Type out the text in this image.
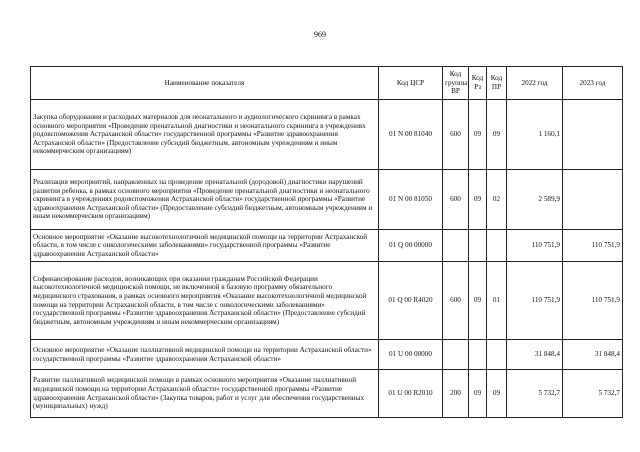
969
Наименование показателя	Код ЦСР	Код группы ВР	Код Рз	Код ПР	2022 год	2023 год
Закупка оборудования и расходных материалов для неонатального и аудиологического скрининга в рамках основного мероприятия «Проведение пренатальной диагностики и неонатального скрининга в учреждениях родовспоможения Астраханской области» государственной программы «Развитие здравоохранения Астраханской области» (Предоставление субсидий бюджетным, автономным учреждениям и иным некоммерческим организациям)	01 N 00 81040	600	09	09	1 160,1	
Реализация мероприятий, направленных на проведение пренатальной (дородовой) диагностики нарушений развития ребенка, в рамках основного мероприятия «Проведение пренатальной диагностики и неонатального скрининга в учреждениях родовспоможения Астраханской области» государственной программы «Развитие здравоохранения Астраханской области» (Предоставление субсидий бюджетным, автономным учреждениям и иным некоммерческим организациям)	01 N 00 81050	600	09	02	2 589,9	
Основное мероприятие «Оказание высокотехнологичной медицинской помощи на территории Астраханской области, в том числе с онкологическими заболеваниями» государственной программы «Развитие здравоохранения Астраханской области»	01 Q 00 00000				110 751,9	110 751,9
Софинансирование расходов, возникающих при оказании гражданам Российской Федерации высокотехнологичной медицинской помощи, не включенной в базовую программу обязательного медицинского страхования, в рамках основного мероприятия «Оказание высокотехнологичной медицинской помощи на территории Астраханской области, в том числе с онкологическими заболеваниями» государственной программы «Развитие здравоохранения Астраханской области» (Предоставление субсидий бюджетным, автономным учреждениям и иным некоммерческим организациям)	01 Q 00 R4020	600	09	01	110 751,9	110 751,9
Основное мероприятие «Оказание паллиативной медицинской помощи на территории Астраханской области» государственной программы «Развитие здравоохранения Астраханской области»	01 U 00 00000				31 848,4	31 848,4
Развитие паллиативной медицинской помощи в рамках основного мероприятия «Оказание паллиативной медицинской помощи на территории Астраханской области» государственной программы «Развитие здравоохранения Астраханской области» (Закупка товаров, работ и услуг для обеспечения государственных (муниципальных) нужд)	01 U 00 R2010	200	09	09	5 732,7	5 732,7
